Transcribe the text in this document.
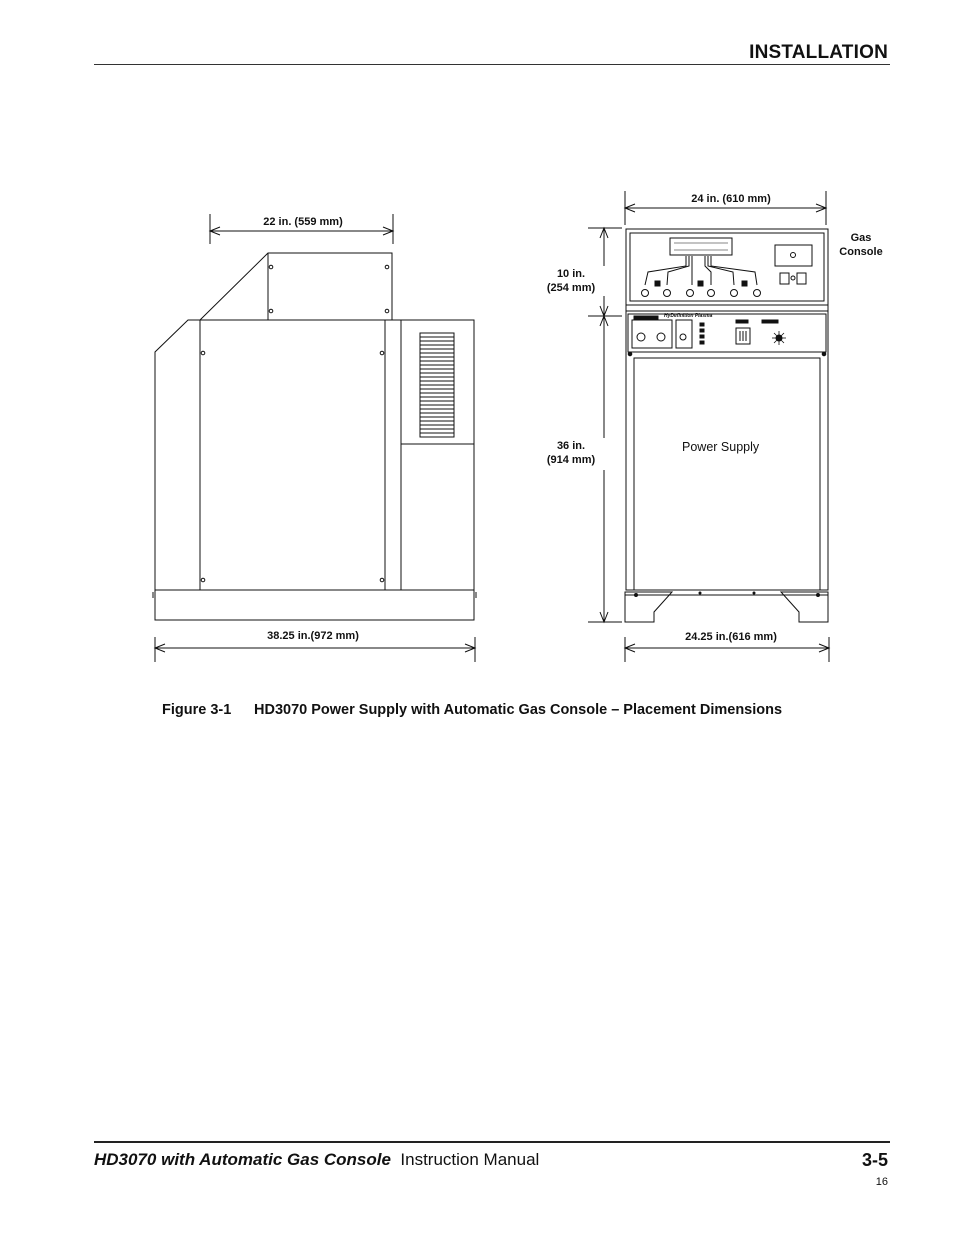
INSTALLATION
22 in. (559 mm)
38.25 in.(972 mm)
24 in. (610 mm)
10 in.
(254 mm)
36 in.
(914 mm)
24.25 in.(616 mm)
Gas
Console
Power Supply
HyDefinition Plasma
Figure 3-1 HD3070 Power Supply with Automatic Gas Console – Placement Dimensions
HD3070 with Automatic Gas Console Instruction Manual	3-5
16
